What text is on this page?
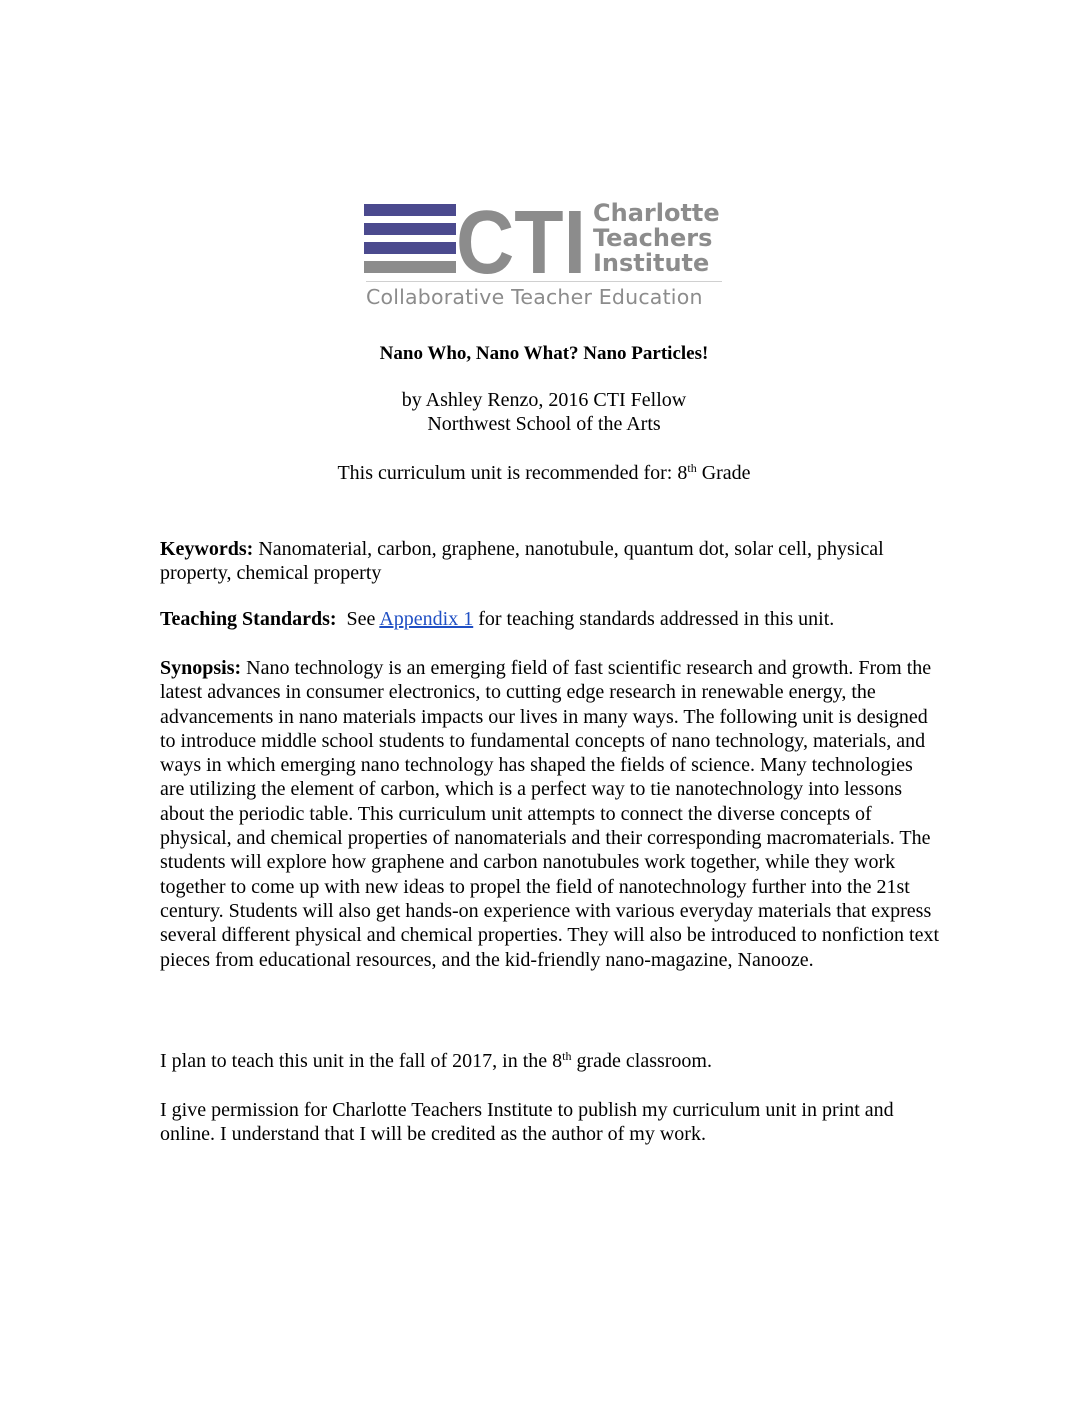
CTI Charlotte
Teachers
Institute
Collaborative Teacher Education
Nano Who, Nano What? Nano Particles!
by Ashley Renzo, 2016 CTI Fellow
Northwest School of the Arts
This curriculum unit is recommended for: 8th Grade
Keywords: Nanomaterial, carbon, graphene, nanotubule, quantum dot, solar cell, physical property, chemical property
Teaching Standards:  See Appendix 1 for teaching standards addressed in this unit.
Synopsis: Nano technology is an emerging field of fast scientific research and growth. From the latest advances in consumer electronics, to cutting edge research in renewable energy, the advancements in nano materials impacts our lives in many ways. The following unit is designed to introduce middle school students to fundamental concepts of nano technology, materials, and ways in which emerging nano technology has shaped the fields of science. Many technologies are utilizing the element of carbon, which is a perfect way to tie nanotechnology into lessons about the periodic table. This curriculum unit attempts to connect the diverse concepts of physical, and chemical properties of nanomaterials and their corresponding macromaterials. The students will explore how graphene and carbon nanotubules work together, while they work together to come up with new ideas to propel the field of nanotechnology further into the 21st century. Students will also get hands-on experience with various everyday materials that express several different physical and chemical properties. They will also be introduced to nonfiction text pieces from educational resources, and the kid-friendly nano-magazine, Nanooze.
I plan to teach this unit in the fall of 2017, in the 8th grade classroom.
I give permission for Charlotte Teachers Institute to publish my curriculum unit in print and online. I understand that I will be credited as the author of my work.
